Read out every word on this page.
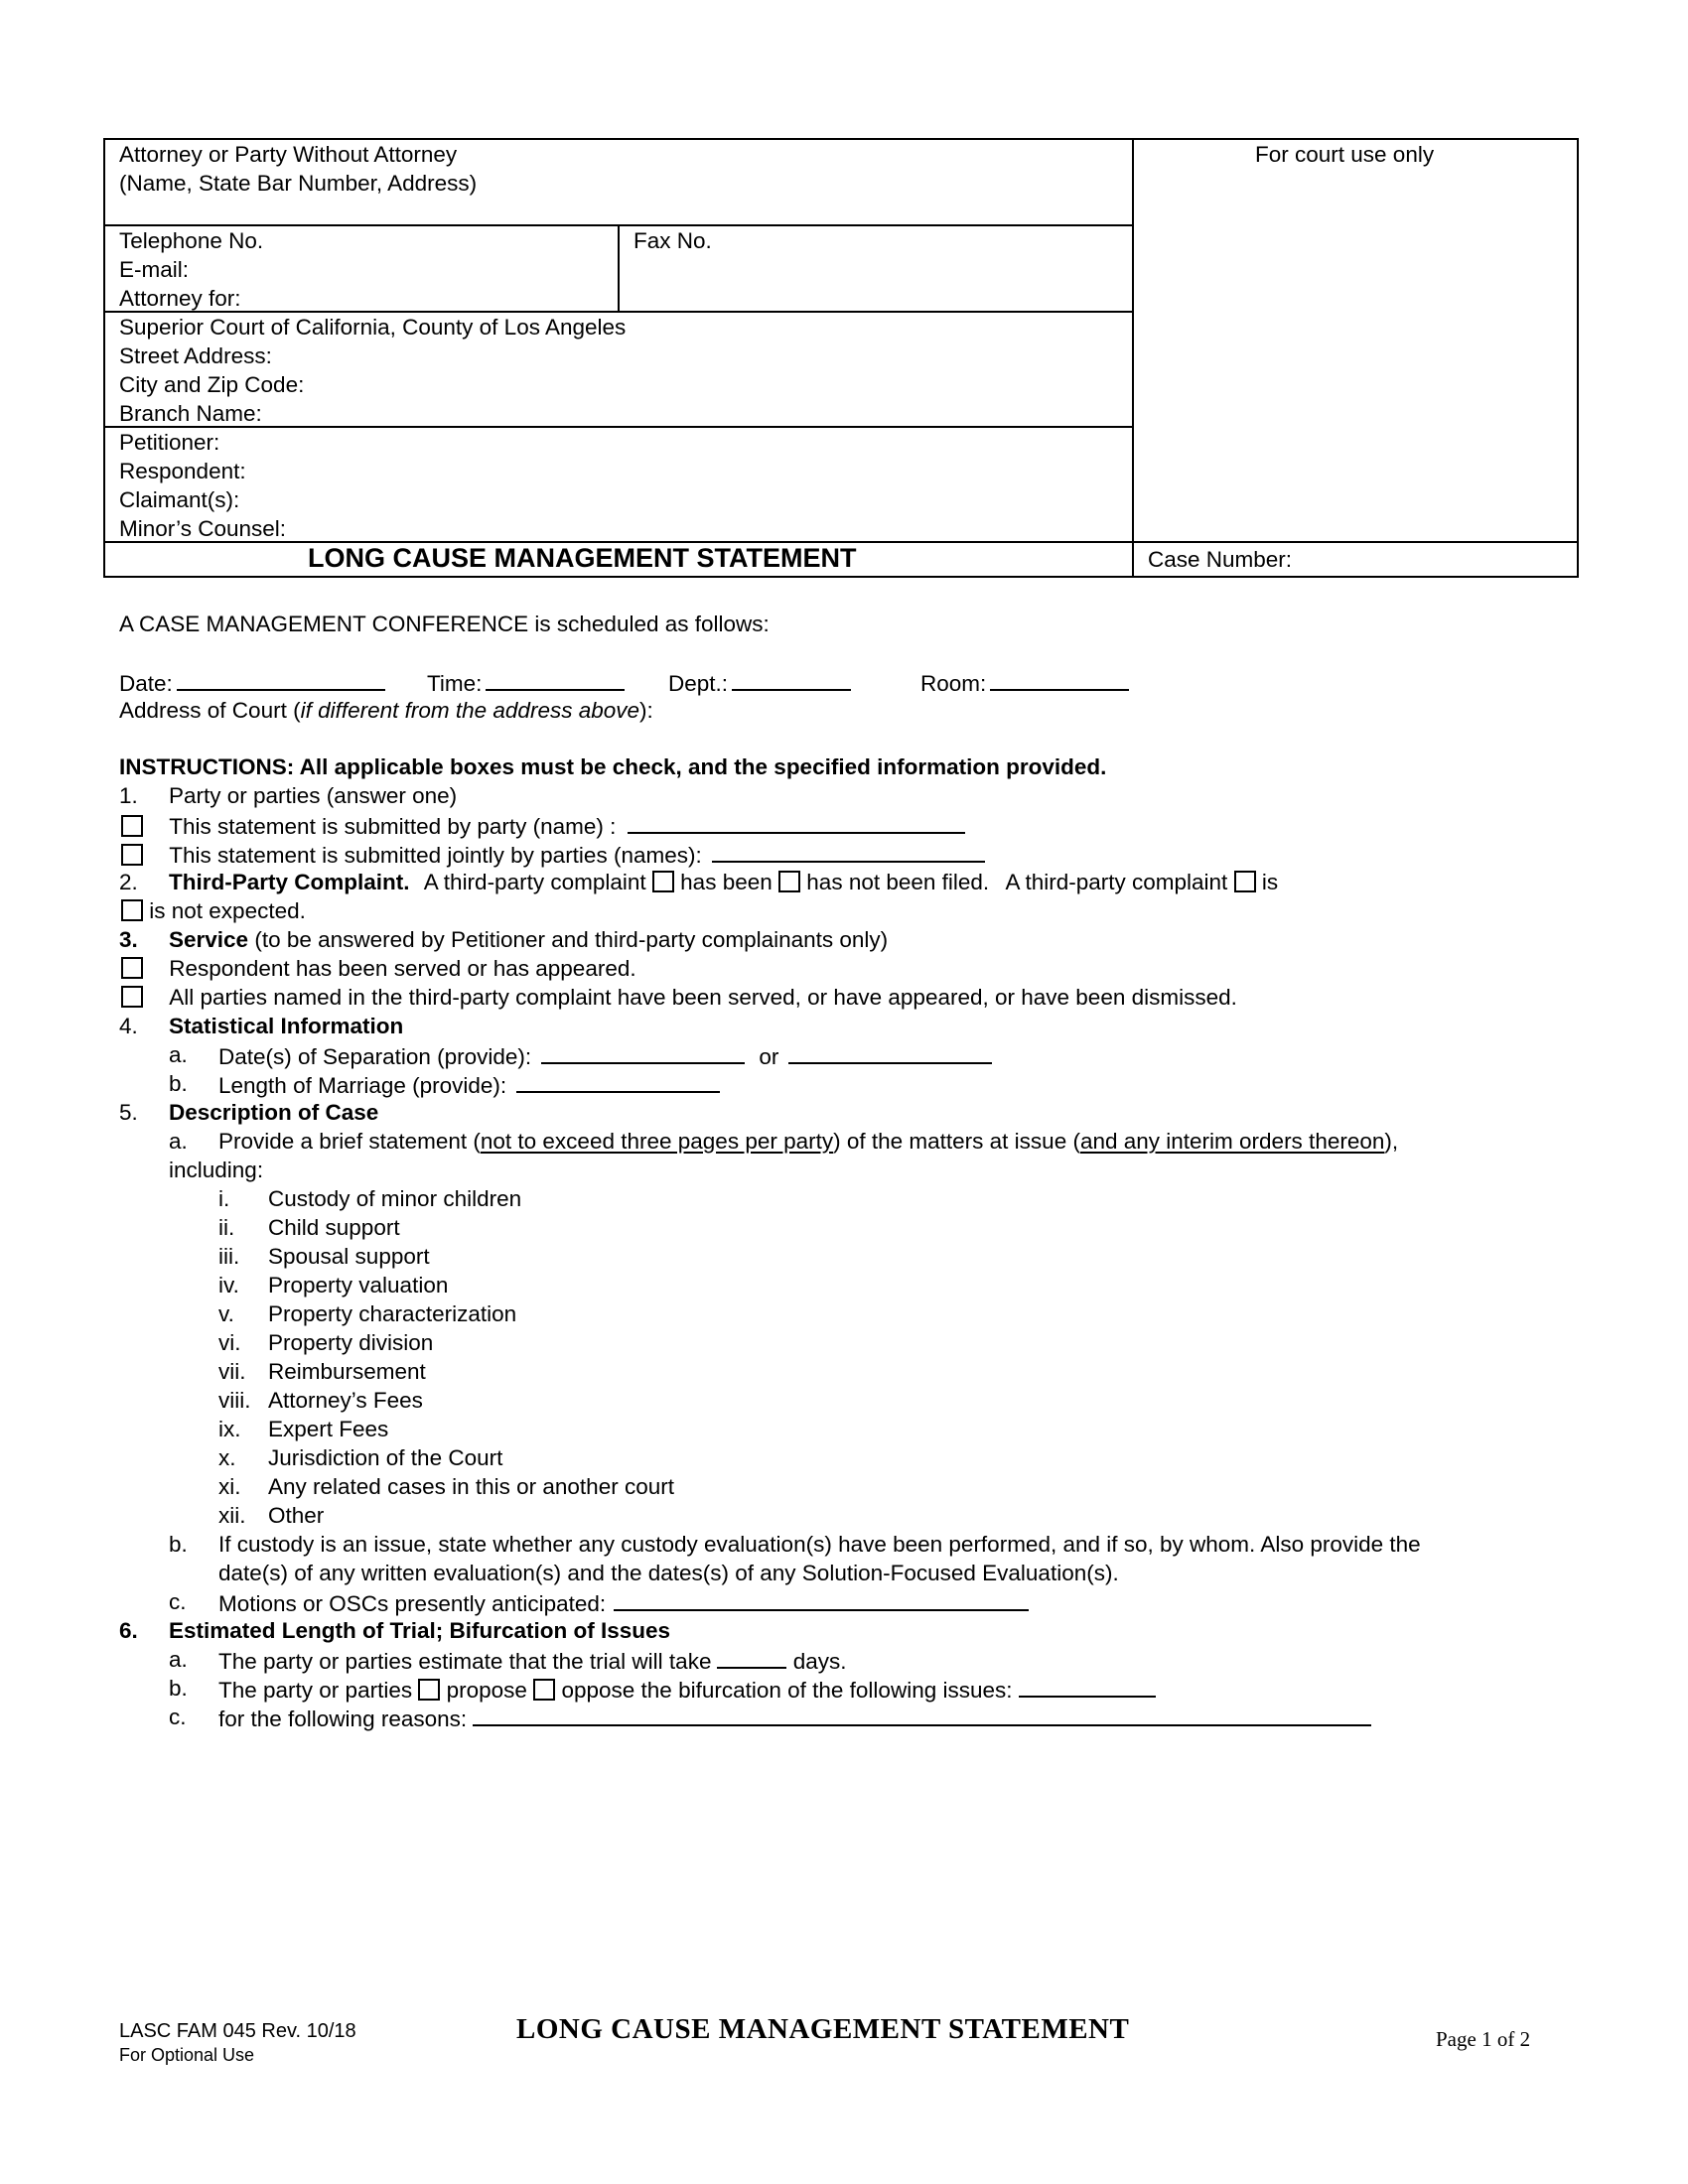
Attorney or Party Without Attorney
(Name, State Bar Number, Address)
For court use only
Telephone No.
E-mail:
Attorney for:
Fax No.
Superior Court of California, County of Los Angeles
Street Address:
City and Zip Code:
Branch Name:
Petitioner:
Respondent:
Claimant(s):
Minor’s Counsel:
LONG CAUSE MANAGEMENT STATEMENT	Case Number:
A CASE MANAGEMENT CONFERENCE is scheduled as follows:
Date:	Time:	Dept.:	Room:
Address of Court (if different from the address above):
INSTRUCTIONS: All applicable boxes must be check, and the specified information provided.
1. Party or parties (answer one)
This statement is submitted by party (name) :
This statement is submitted jointly by parties (names):
2. Third-Party Complaint. A third-party complaint has been has not been filed. A third-party complaint is
is not expected.
3. Service (to be answered by Petitioner and third-party complainants only)
Respondent has been served or has appeared.
All parties named in the third-party complaint have been served, or have appeared, or have been dismissed.
4. Statistical Information
a. Date(s) of Separation (provide):	or
b. Length of Marriage (provide):
5. Description of Case
a. Provide a brief statement (not to exceed three pages per party) of the matters at issue (and any interim orders thereon),
including:
i. Custody of minor children
ii. Child support
iii. Spousal support
iv. Property valuation
v. Property characterization
vi. Property division
vii. Reimbursement
viii. Attorney’s Fees
ix. Expert Fees
x. Jurisdiction of the Court
xi. Any related cases in this or another court
xii. Other
b. If custody is an issue, state whether any custody evaluation(s) have been performed, and if so, by whom. Also provide the
date(s) of any written evaluation(s) and the dates(s) of any Solution-Focused Evaluation(s).
c. Motions or OSCs presently anticipated:
6. Estimated Length of Trial; Bifurcation of Issues
a. The party or parties estimate that the trial will take	days.
b. The party or parties propose oppose the bifurcation of the following issues:
c. for the following reasons:
LASC FAM 045 Rev. 10/18
For Optional Use
LONG CAUSE MANAGEMENT STATEMENT	Page 1 of 2
